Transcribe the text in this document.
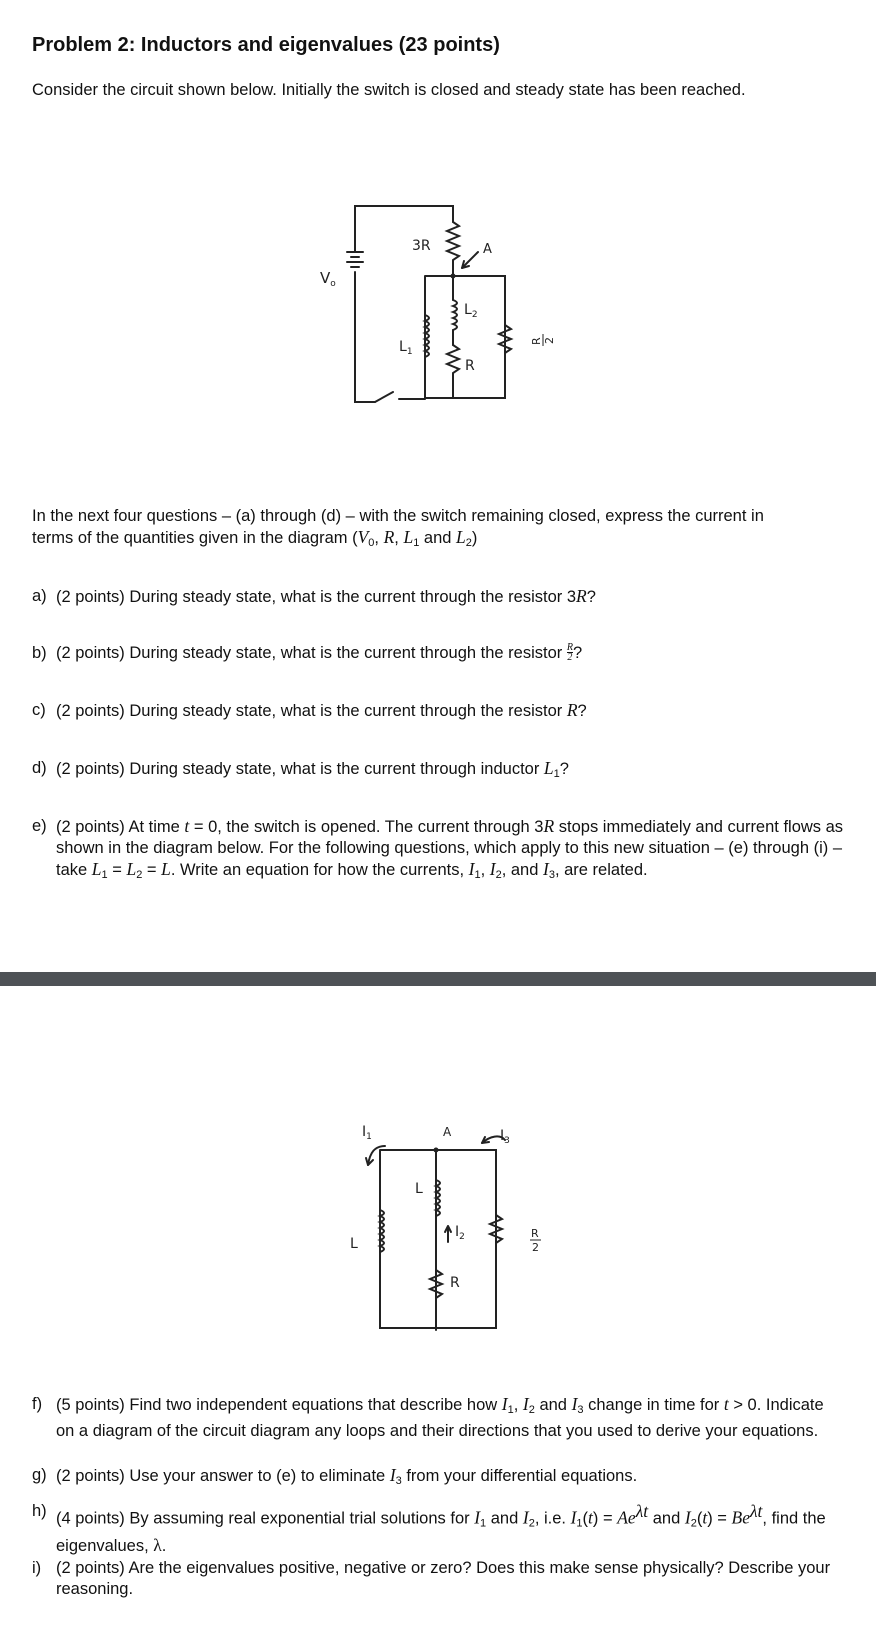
Problem 2: Inductors and eigenvalues (23 points)
Consider the circuit shown below. Initially the switch is closed and steady state has been reached.
$V_o$
3R	A
$L_1$
$L_2$
R
R 2
In the next four questions – (a) through (d) – with the switch remaining closed, express the current in
terms of the quantities given in the diagram ($V_0$, R, $L_1$ and $L_2$)
a) (2 points) During steady state, what is the current through the resistor 3R?
b) (2 points) During steady state, what is the current through the resistor $\frac{R}{2}$ ?
c) (2 points) During steady state, what is the current through the resistor R?
d) (2 points) During steady state, what is the current through inductor $L_1$?
e) (2 points) At time t = 0, the switch is opened. The current through 3R stops immediately and current flows as shown in the diagram below. For the following questions, which apply to this new situation – (e) through (i) – take $L_1 = L_2 = L$. Write an equation for how the currents, $I_1$, $I_2$, and $I_3$, are related.
$I_1$	A	$I_3$
L
$I_2$
L
R
R
2
f) (5 points) Find two independent equations that describe how $I_1$, $I_2$ and $I_3$ change in time for t > 0. Indicate on a diagram of the circuit diagram any loops and their directions that you used to derive your equations.
g) (2 points) Use your answer to (e) to eliminate $I_3$ from your differential equations.
h) (4 points) By assuming real exponential trial solutions for $I_1$ and $I_2$, i.e. $I_1(t) = Ae^{\lambda t}$ and $I_2(t) = Be^{\lambda t}$, find the eigenvalues, λ.
i) (2 points) Are the eigenvalues positive, negative or zero? Does this make sense physically? Describe your reasoning.
